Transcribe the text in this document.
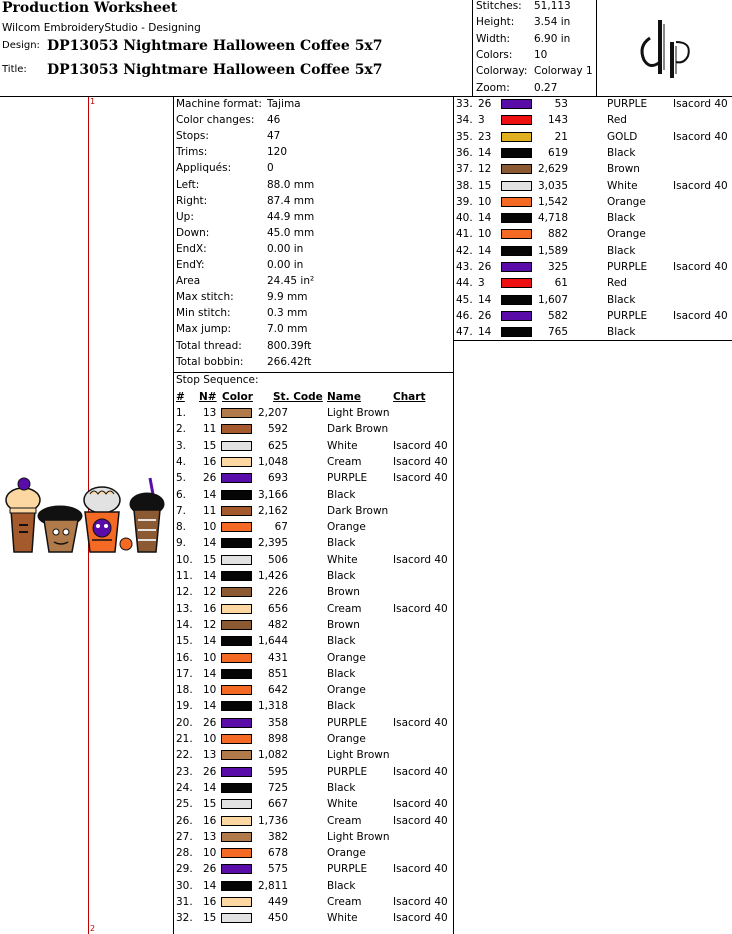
Production Worksheet
Wilcom EmbroideryStudio - Designing
Design: DP13053 Nightmare Halloween Coffee 5x7
Title: DP13053 Nightmare Halloween Coffee 5x7
Stitches: 51,113
Height: 3.54 in
Width: 6.90 in
Colors: 10
Colorway: Colorway 1
Zoom: 0.27
1
2
Machine format: Tajima
Color changes: 46
Stops:	47
Trims:	120
Appliqués:	0
Left:	88.0 mm
Right:	87.4 mm
Up:	44.9 mm
Down:	45.0 mm
EndX:	0.00 in
EndY:	0.00 in
Area	24.45 in²
Max stitch:	9.9 mm
Min stitch:	0.3 mm
Max jump:	7.0 mm
Total thread: 800.39ft
Total bobbin: 266.42ft
Stop Sequence:
# N# Color St. Code Name	Chart
1. 13	2,207	Light Brown
2. 11	592	Dark Brown
3. 15	625	White	Isacord 40
4. 16	1,048	Cream	Isacord 40
5. 26	693	PURPLE Isacord 40
6. 14	3,166	Black
7. 11	2,162	Dark Brown
8. 10	67	Orange
9. 14	2,395	Black
10. 15	506	White	Isacord 40
11. 14	1,426	Black
12. 12	226	Brown
13. 16	656	Cream	Isacord 40
14. 12	482	Brown
15. 14	1,644	Black
16. 10	431	Orange
17. 14	851	Black
18. 10	642	Orange
19. 14	1,318	Black
20. 26	358	PURPLE Isacord 40
21. 10	898	Orange
22. 13	1,082	Light Brown
23. 26	595	PURPLE Isacord 40
24. 14	725	Black
25. 15	667	White	Isacord 40
26. 16	1,736	Cream	Isacord 40
27. 13	382	Light Brown
28. 10	678	Orange
29. 26	575	PURPLE Isacord 40
30. 14	2,811	Black
31. 16	449	Cream	Isacord 40
32. 15	450	White	Isacord 40
33. 26	53	PURPLE Isacord 40
34. 3	143	Red
35. 23	21	GOLD	Isacord 40
36. 14	619	Black
37. 12	2,629	Brown
38. 15	3,035	White	Isacord 40
39. 10	1,542	Orange
40. 14	4,718	Black
41. 10	882	Orange
42. 14	1,589	Black
43. 26	325	PURPLE Isacord 40
44. 3	61	Red
45. 14	1,607	Black
46. 26	582	PURPLE Isacord 40
47. 14	765	Black
